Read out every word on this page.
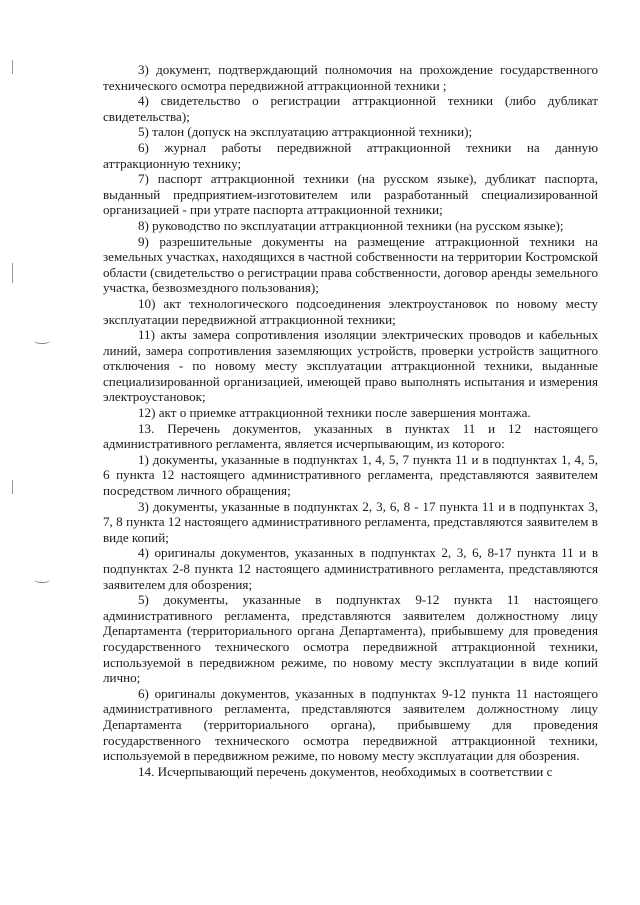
3) документ, подтверждающий полномочия на прохождение государственного технического осмотра передвижной аттракционной техники ;

4) свидетельство о регистрации аттракционной техники (либо дубликат свидетельства);

5) талон (допуск на эксплуатацию аттракционной техники);

6) журнал работы передвижной аттракционной техники на данную аттракционную технику;

7) паспорт аттракционной техники (на русском языке), дубликат паспорта, выданный предприятием-изготовителем или разработанный специализированной организацией - при утрате паспорта аттракционной техники;

8) руководство по эксплуатации аттракционной техники (на русском языке);

9) разрешительные документы на размещение аттракционной техники на земельных участках, находящихся в частной собственности на территории Костромской области (свидетельство о регистрации права собственности, договор аренды земельного участка, безвозмездного пользования);

10) акт технологического подсоединения электроустановок по новому месту эксплуатации передвижной аттракционной техники;

11) акты замера сопротивления изоляции электрических проводов и кабельных линий, замера сопротивления заземляющих устройств, проверки устройств защитного отключения - по новому месту эксплуатации аттракционной техники, выданные специализированной организацией, имеющей право выполнять испытания и измерения электроустановок;

12) акт о приемке аттракционной техники после завершения монтажа.

13. Перечень документов, указанных в пунктах 11 и 12 настоящего административного регламента, является исчерпывающим, из которого:

1) документы, указанные в подпунктах 1, 4, 5, 7 пункта 11 и в подпунктах 1, 4, 5, 6 пункта 12 настоящего административного регламента, представляются заявителем посредством личного обращения;

3) документы, указанные в подпунктах 2, 3, 6, 8 - 17 пункта 11 и в подпунктах 3, 7, 8 пункта 12 настоящего административного регламента, представляются заявителем в виде копий;

4) оригиналы документов, указанных в подпунктах 2, 3, 6, 8-17 пункта 11 и в подпунктах 2-8 пункта 12 настоящего административного регламента, представляются заявителем для обозрения;

5) документы, указанные в подпунктах 9-12 пункта 11 настоящего административного регламента, представляются заявителем должностному лицу Департамента (территориального органа Департамента), прибывшему для проведения государственного технического осмотра передвижной аттракционной техники, используемой в передвижном режиме, по новому месту эксплуатации в виде копий лично;

6) оригиналы документов, указанных в подпунктах 9-12 пункта 11 настоящего административного регламента, представляются заявителем должностному лицу Департамента (территориального органа), прибывшему для проведения государственного технического осмотра передвижной аттракционной техники, используемой в передвижном режиме, по новому месту эксплуатации для обозрения.

14. Исчерпывающий перечень документов, необходимых в соответствии с
